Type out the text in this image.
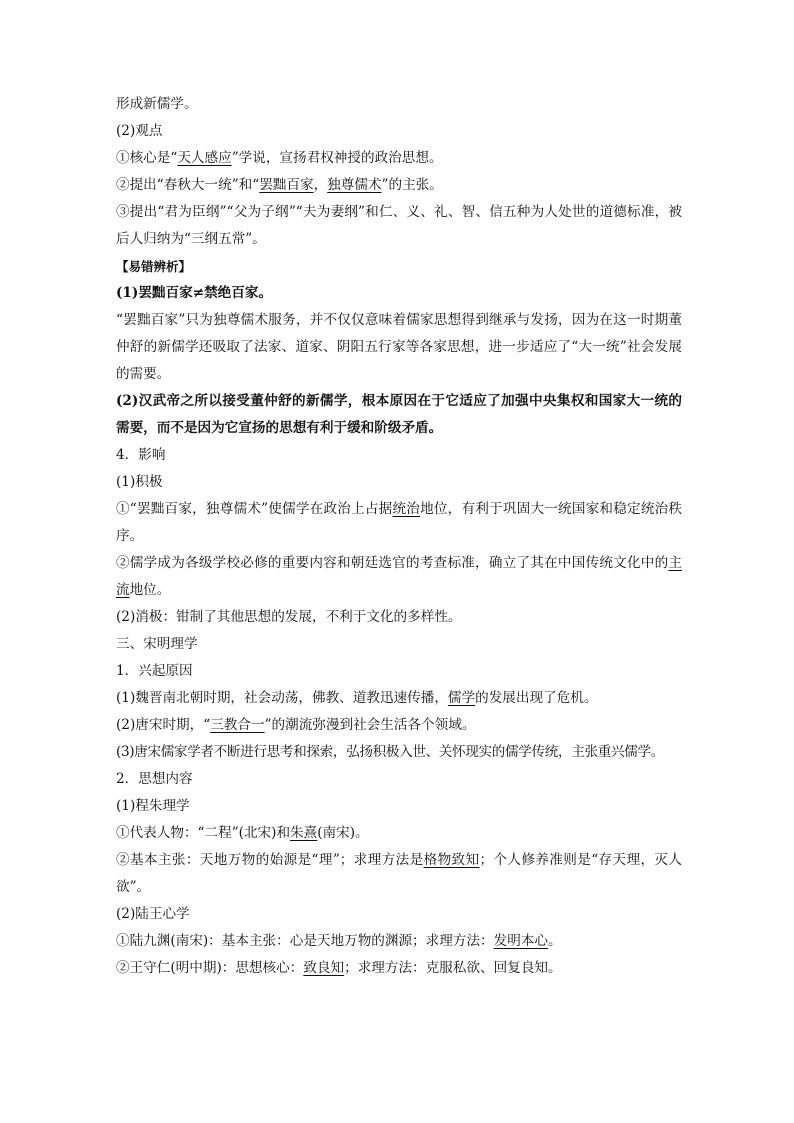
形成新儒学。
(2)观点
①核心是“天人感应”学说，宣扬君权神授的政治思想。
②提出“春秋大一统”和“罢黜百家，独尊儒术”的主张。

③提出“君为臣纲”“父为子纲”“夫为妻纲”和仁、义、礼、智、信五种为人处世的道德标准，被后人归纳为“三纲五常”。

【易错辨析】
(1)罢黜百家≠禁绝百家。

“罢黜百家”只为独尊儒术服务，并不仅仅意味着儒家思想得到继承与发扬，因为在这一时期董仲舒的新儒学还吸取了法家、道家、阴阳五行家等各家思想，进一步适应了“大一统”社会发展的需要。

(2)汉武帝之所以接受董仲舒的新儒学，根本原因在于它适应了加强中央集权和国家大一统的需要，而不是因为它宣扬的思想有利于缓和阶级矛盾。

4．影响
(1)积极

①“罢黜百家，独尊儒术”使儒学在政治上占据统治地位，有利于巩固大一统国家和稳定统治秩序。

②儒学成为各级学校必修的重要内容和朝廷选官的考查标准，确立了其在中国传统文化中的主流地位。

(2)消极：钳制了其他思想的发展，不利于文化的多样性。
三、宋明理学
1．兴起原因
(1)魏晋南北朝时期，社会动荡，佛教、道教迅速传播，儒学的发展出现了危机。
(2)唐宋时期，“三教合一”的潮流弥漫到社会生活各个领域。
(3)唐宋儒家学者不断进行思考和探索，弘扬积极入世、关怀现实的儒学传统，主张重兴儒学。
2．思想内容
(1)程朱理学
①代表人物：“二程”(北宋)和朱熹(南宋)。

②基本主张：天地万物的始源是“理”；求理方法是格物致知；个人修养准则是“存天理，灭人欲”。

(2)陆王心学
①陆九渊(南宋)：基本主张：心是天地万物的渊源；求理方法：发明本心。
②王守仁(明中期)：思想核心：致良知；求理方法：克服私欲、回复良知。
